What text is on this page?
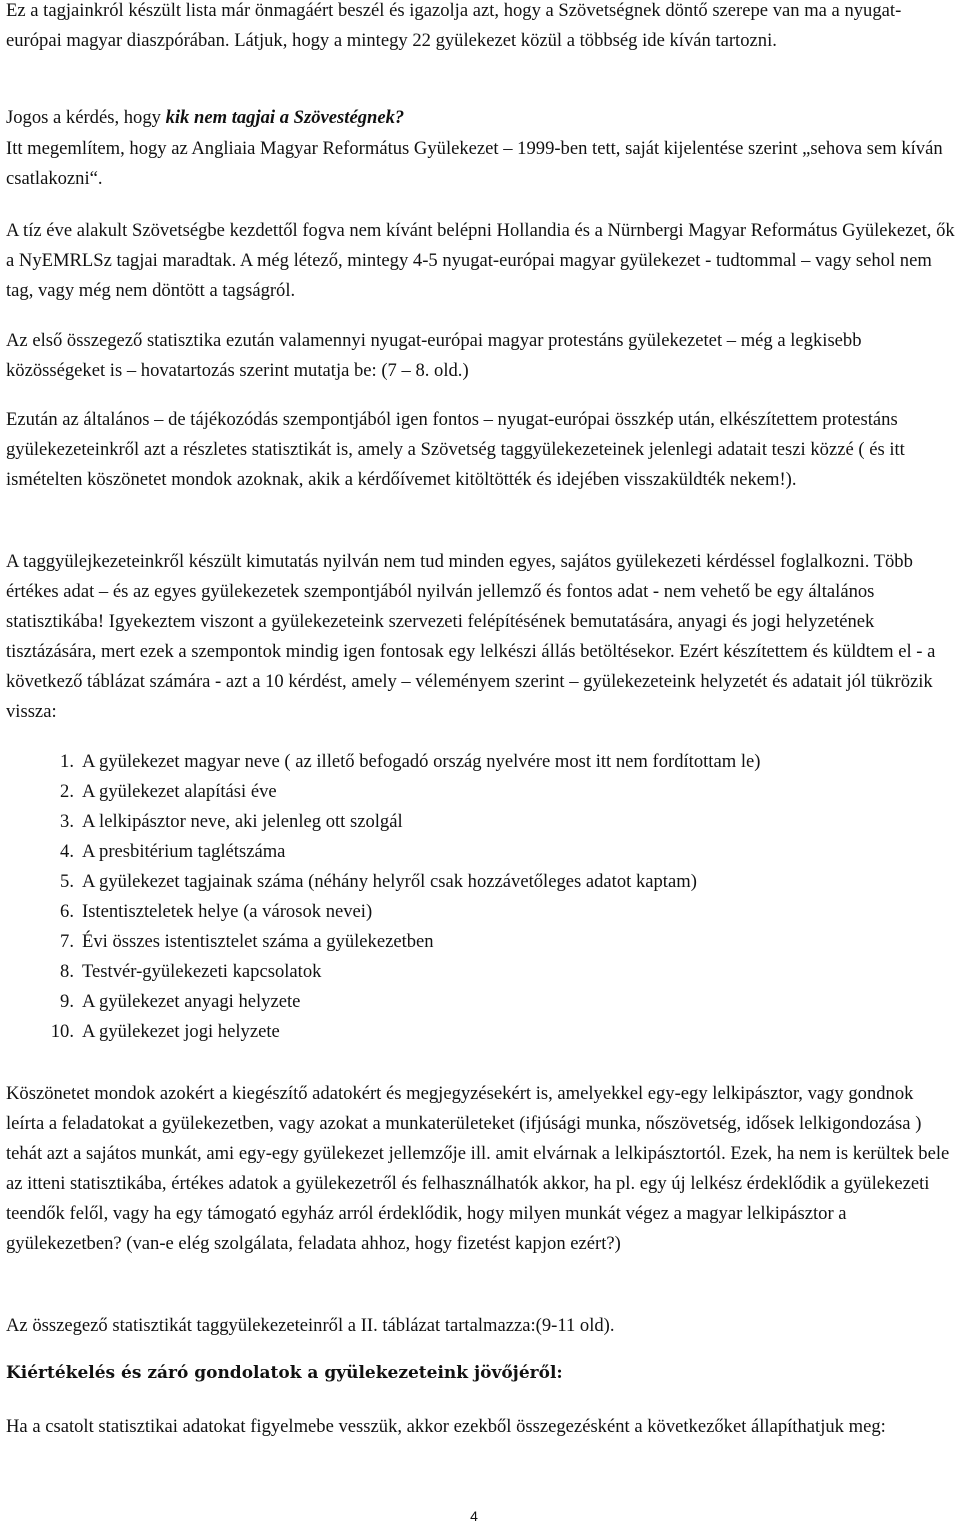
Ez a tagjainkról készült lista már önmagáért beszél és igazolja azt, hogy a Szövetségnek döntő szerepe van ma a nyugat-európai magyar diaszpórában. Látjuk, hogy a mintegy 22 gyülekezet közül a többség ide kíván tartozni.

Jogos a kérdés, hogy kik nem tagjai a Szövestégnek?

Itt megemlítem, hogy az Angliaia Magyar Református Gyülekezet – 1999-ben tett, saját kijelentése szerint „sehova sem kíván csatlakozni“.

A tíz éve alakult Szövetségbe kezdettől fogva nem kívánt belépni Hollandia és a Nürnbergi Magyar Református Gyülekezet, ők a NyEMRLSz tagjai maradtak. A még létező, mintegy 4-5 nyugat-európai magyar gyülekezet - tudtommal – vagy sehol nem tag, vagy még nem döntött a tagságról.

Az első összegező statisztika ezután valamennyi nyugat-európai magyar protestáns gyülekezetet – még a legkisebb közösségeket is – hovatartozás szerint mutatja be: (7 – 8. old.)

Ezután az általános – de tájékozódás szempontjából igen fontos – nyugat-európai összkép után, elkészítettem protestáns gyülekezeteinkről azt a részletes statisztikát is, amely a Szövetség taggyülekezeteinek jelenlegi adatait teszi közzé ( és itt ismételten köszönetet mondok azoknak, akik a kérdőívemet kitöltötték és idejében visszaküldték nekem!).

A taggyülejkezeteinkről készült kimutatás nyilván nem tud minden egyes, sajátos gyülekezeti kérdéssel foglalkozni. Több értékes adat – és az egyes gyülekezetek szempontjából nyilván jellemző és fontos adat - nem vehető be egy általános statisztikába! Igyekeztem viszont a gyülekezeteink szervezeti felépítésének bemutatására, anyagi és jogi helyzetének tisztázására, mert ezek a szempontok mindig igen fontosak egy lelkészi állás betöltésekor. Ezért készítettem és küldtem el - a következő táblázat számára - azt a 10 kérdést, amely – véleményem szerint – gyülekezeteink helyzetét és adatait jól tükrözik vissza:

1. A gyülekezet magyar neve ( az illető befogadó ország nyelvére most itt nem fordítottam le)
2. A gyülekezet alapítási éve
3. A lelkipásztor neve, aki jelenleg ott szolgál
4. A presbitérium taglétszáma
5. A gyülekezet tagjainak száma (néhány helyről csak hozzávetőleges adatot kaptam)
6. Istentiszteletek helye (a városok nevei)
7. Évi összes istentisztelet száma a gyülekezetben
8. Testvér-gyülekezeti kapcsolatok
9. A gyülekezet anyagi helyzete
10. A gyülekezet jogi helyzete

Köszönetet mondok azokért a kiegészítő adatokért és megjegyzésekért is, amelyekkel egy-egy lelkipásztor, vagy gondnok leírta a feladatokat a gyülekezetben, vagy azokat a munkaterületeket (ifjúsági munka, nőszövetség, idősek lelkigondozása ) tehát azt a sajátos munkát, ami egy-egy gyülekezet jellemzője ill. amit elvárnak a lelkipásztortól. Ezek, ha nem is kerültek bele az itteni statisztikába, értékes adatok a gyülekezetről és felhasználhatók akkor, ha pl. egy új lelkész érdeklődik a gyülekezeti teendők felől, vagy ha egy támogató egyház arról érdeklődik, hogy milyen munkát végez a magyar lelkipásztor a gyülekezetben? (van-e elég szolgálata, feladata ahhoz, hogy fizetést kapjon ezért?)

Az összegező statisztikát taggyülekezeteinről a II. táblázat tartalmazza:(9-11 old).

Kiértékelés és záró gondolatok a gyülekezeteink jövőjéről:

Ha a csatolt statisztikai adatokat figyelmebe vesszük, akkor ezekből összegezésként a következőket állapíthatjuk meg:

4
